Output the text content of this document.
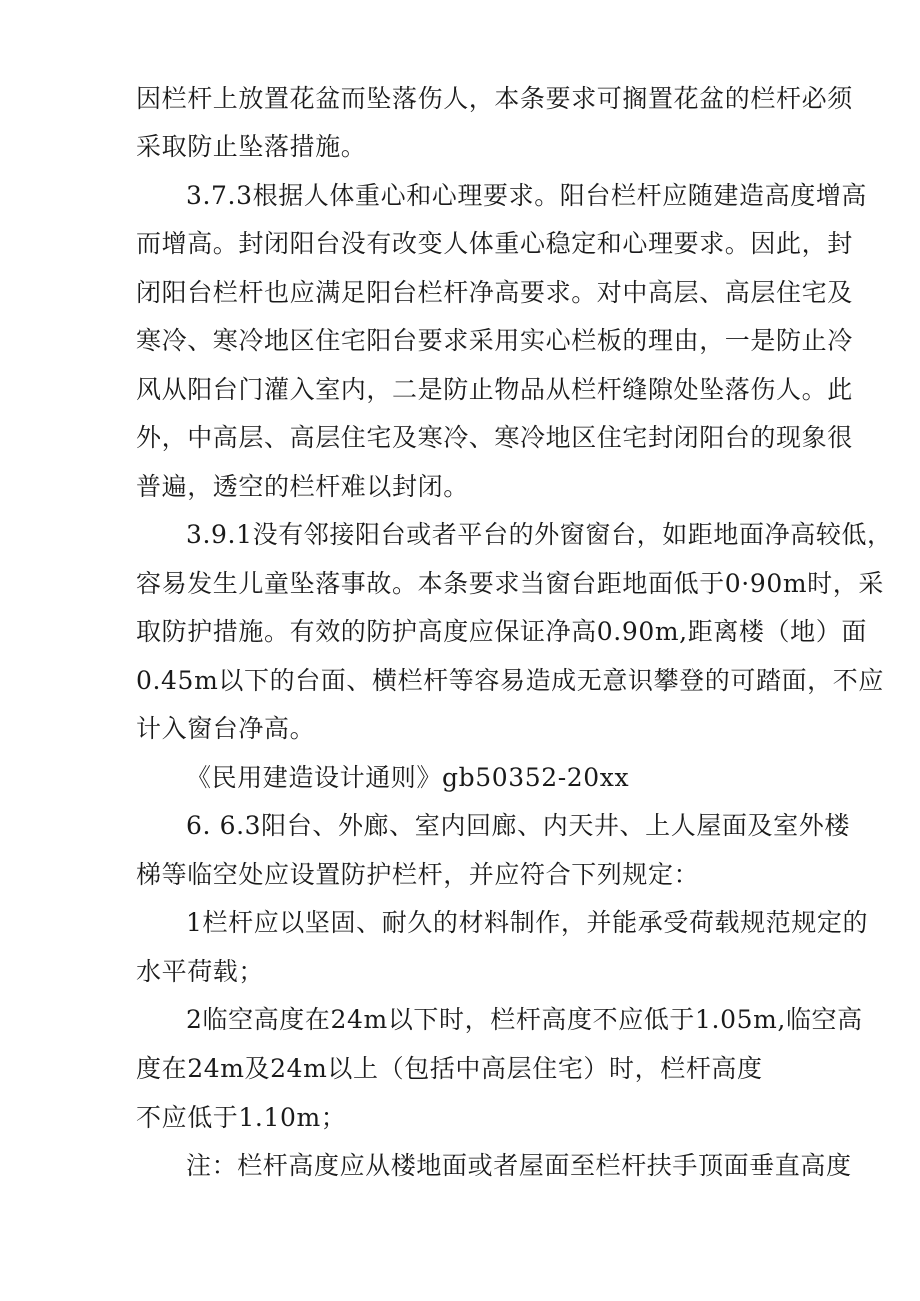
因栏杆上放置花盆而坠落伤人，本条要求可搁置花盆的栏杆必须
采取防止坠落措施。
3.7.3根据人体重心和心理要求。阳台栏杆应随建造高度增高
而增高。封闭阳台没有改变人体重心稳定和心理要求。因此，封
闭阳台栏杆也应满足阳台栏杆净高要求。对中高层、高层住宅及
寒冷、寒冷地区住宅阳台要求采用实心栏板的理由，一是防止冷
风从阳台门灌入室内，二是防止物品从栏杆缝隙处坠落伤人。此
外，中高层、高层住宅及寒冷、寒冷地区住宅封闭阳台的现象很
普遍，透空的栏杆难以封闭。
3.9.1没有邻接阳台或者平台的外窗窗台，如距地面净高较低，
容易发生儿童坠落事故。本条要求当窗台距地面低于0·90m时，采
取防护措施。有效的防护高度应保证净高0.90m,距离楼（地）面
0.45m以下的台面、横栏杆等容易造成无意识攀登的可踏面，不应
计入窗台净高。
《民用建造设计通则》gb50352-20xx
6. 6.3阳台、外廊、室内回廊、内天井、上人屋面及室外楼
梯等临空处应设置防护栏杆，并应符合下列规定：
1栏杆应以坚固、耐久的材料制作，并能承受荷载规范规定的
水平荷载；
2临空高度在24m以下时，栏杆高度不应低于1.05m,临空高
度在24m及24m以上（包括中高层住宅）时，栏杆高度
不应低于1.10m；
注：栏杆高度应从楼地面或者屋面至栏杆扶手顶面垂直高度
